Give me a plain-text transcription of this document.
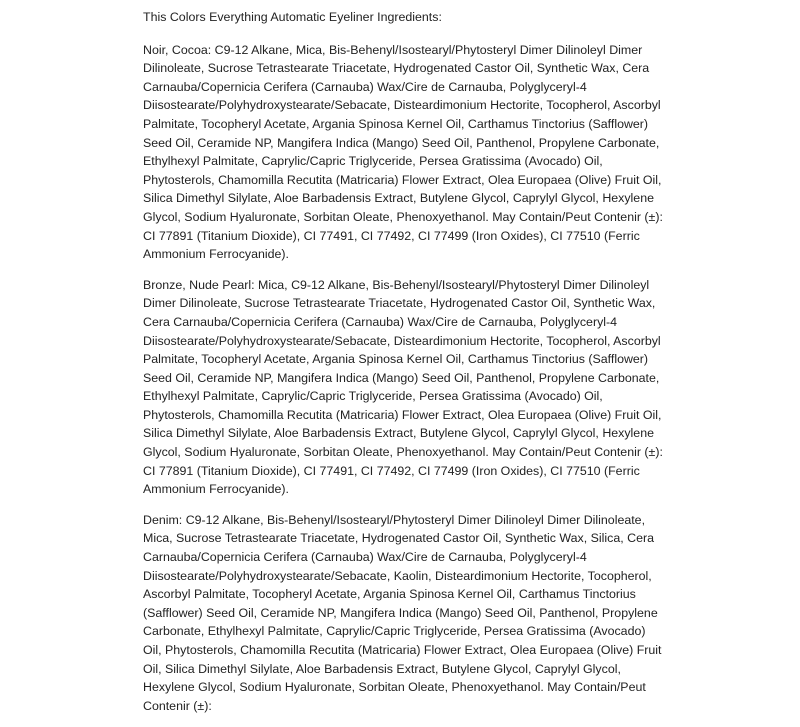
This Colors Everything Automatic Eyeliner Ingredients:

Noir, Cocoa: C9-12 Alkane, Mica, Bis-Behenyl/Isostearyl/Phytosteryl Dimer Dilinoleyl Dimer Dilinoleate, Sucrose Tetrastearate Triacetate, Hydrogenated Castor Oil, Synthetic Wax, Cera Carnauba/Copernicia Cerifera (Carnauba) Wax/Cire de Carnauba, Polyglyceryl-4 Diisostearate/Polyhydroxystearate/Sebacate, Disteardimonium Hectorite, Tocopherol, Ascorbyl Palmitate, Tocopheryl Acetate, Argania Spinosa Kernel Oil, Carthamus Tinctorius (Safflower) Seed Oil, Ceramide NP, Mangifera Indica (Mango) Seed Oil, Panthenol, Propylene Carbonate, Ethylhexyl Palmitate, Caprylic/Capric Triglyceride, Persea Gratissima (Avocado) Oil, Phytosterols, Chamomilla Recutita (Matricaria) Flower Extract, Olea Europaea (Olive) Fruit Oil, Silica Dimethyl Silylate, Aloe Barbadensis Extract, Butylene Glycol, Caprylyl Glycol, Hexylene Glycol, Sodium Hyaluronate, Sorbitan Oleate, Phenoxyethanol. May Contain/Peut Contenir (±): CI 77891 (Titanium Dioxide), CI 77491, CI 77492, CI 77499 (Iron Oxides), CI 77510 (Ferric Ammonium Ferrocyanide).

Bronze, Nude Pearl: Mica, C9-12 Alkane, Bis-Behenyl/Isostearyl/Phytosteryl Dimer Dilinoleyl Dimer Dilinoleate, Sucrose Tetrastearate Triacetate, Hydrogenated Castor Oil, Synthetic Wax, Cera Carnauba/Copernicia Cerifera (Carnauba) Wax/Cire de Carnauba, Polyglyceryl-4 Diisostearate/Polyhydroxystearate/Sebacate, Disteardimonium Hectorite, Tocopherol, Ascorbyl Palmitate, Tocopheryl Acetate, Argania Spinosa Kernel Oil, Carthamus Tinctorius (Safflower) Seed Oil, Ceramide NP, Mangifera Indica (Mango) Seed Oil, Panthenol, Propylene Carbonate, Ethylhexyl Palmitate, Caprylic/Capric Triglyceride, Persea Gratissima (Avocado) Oil, Phytosterols, Chamomilla Recutita (Matricaria) Flower Extract, Olea Europaea (Olive) Fruit Oil, Silica Dimethyl Silylate, Aloe Barbadensis Extract, Butylene Glycol, Caprylyl Glycol, Hexylene Glycol, Sodium Hyaluronate, Sorbitan Oleate, Phenoxyethanol. May Contain/Peut Contenir (±): CI 77891 (Titanium Dioxide), CI 77491, CI 77492, CI 77499 (Iron Oxides), CI 77510 (Ferric Ammonium Ferrocyanide).

Denim: C9-12 Alkane, Bis-Behenyl/Isostearyl/Phytosteryl Dimer Dilinoleyl Dimer Dilinoleate, Mica, Sucrose Tetrastearate Triacetate, Hydrogenated Castor Oil, Synthetic Wax, Silica, Cera Carnauba/Copernicia Cerifera (Carnauba) Wax/Cire de Carnauba, Polyglyceryl-4 Diisostearate/Polyhydroxystearate/Sebacate, Kaolin, Disteardimonium Hectorite, Tocopherol, Ascorbyl Palmitate, Tocopheryl Acetate, Argania Spinosa Kernel Oil, Carthamus Tinctorius (Safflower) Seed Oil, Ceramide NP, Mangifera Indica (Mango) Seed Oil, Panthenol, Propylene Carbonate, Ethylhexyl Palmitate, Caprylic/Capric Triglyceride, Persea Gratissima (Avocado) Oil, Phytosterols, Chamomilla Recutita (Matricaria) Flower Extract, Olea Europaea (Olive) Fruit Oil, Silica Dimethyl Silylate, Aloe Barbadensis Extract, Butylene Glycol, Caprylyl Glycol, Hexylene Glycol, Sodium Hyaluronate, Sorbitan Oleate, Phenoxyethanol. May Contain/Peut Contenir (±):
